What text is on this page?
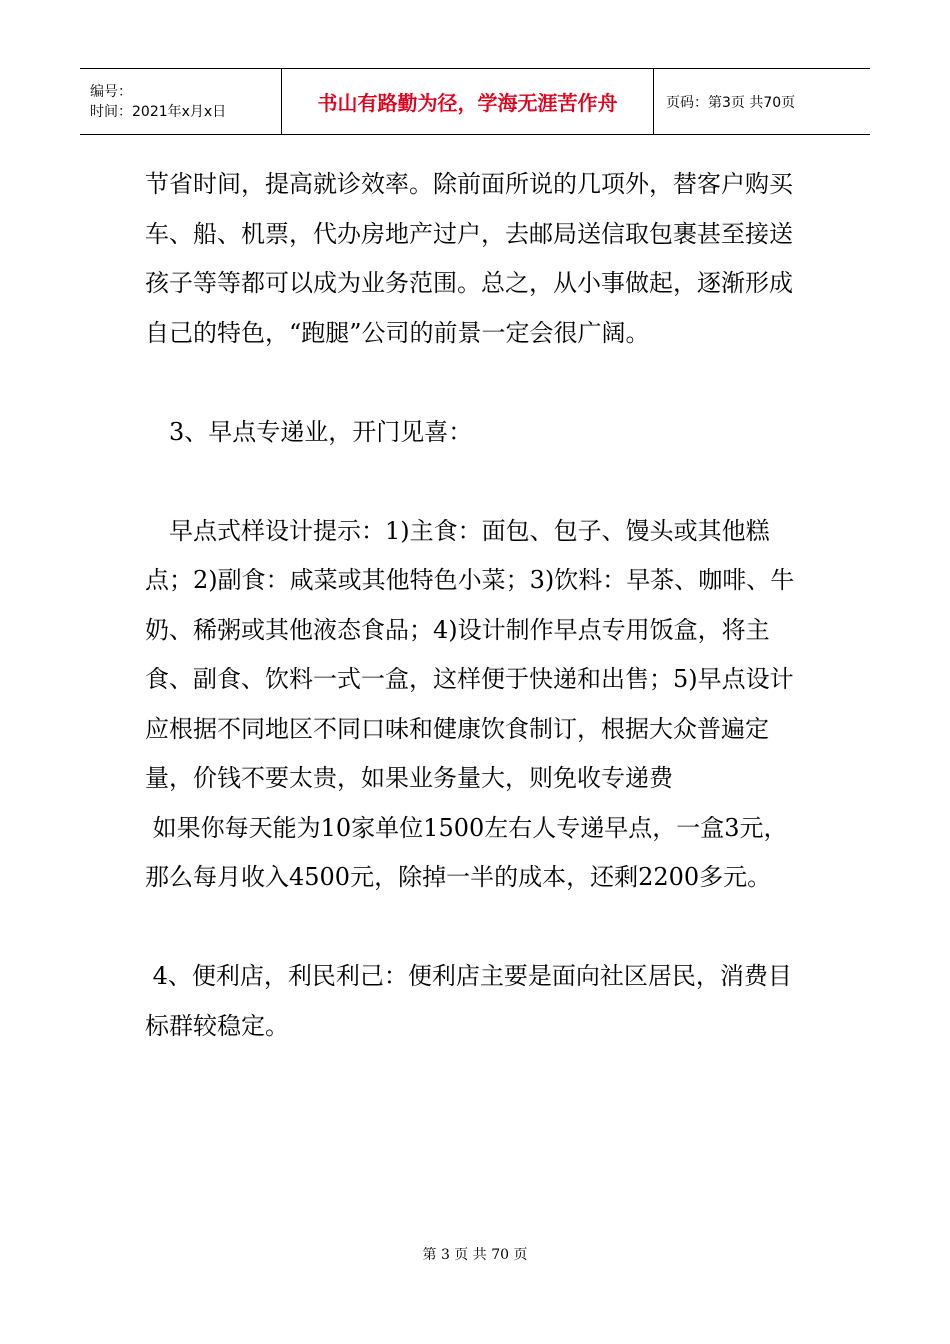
编号：
时间：2021年x月x日	书山有路勤为径，学海无涯苦作舟	页码：第3页 共70页

节省时间，提高就诊效率。除前面所说的几项外，替客户购买车、船、机票，代办房地产过户，去邮局送信取包裹甚至接送孩子等等都可以成为业务范围。总之，从小事做起，逐渐形成自己的特色，“跑腿”公司的前景一定会很广阔。

　3、早点专递业，开门见喜：

　早点式样设计提示：1)主食：面包、包子、馒头或其他糕点；2)副食：咸菜或其他特色小菜；3)饮料：早茶、咖啡、牛奶、稀粥或其他液态食品；4)设计制作早点专用饭盒，将主食、副食、饮料一式一盒，这样便于快递和出售；5)早点设计应根据不同地区不同口味和健康饮食制订，根据大众普遍定量，价钱不要太贵，如果业务量大，则免收专递费

如果你每天能为10家单位1500左右人专递早点，一盒3元，那么每月收入4500元，除掉一半的成本，还剩2200多元。

4、便利店，利民利己：便利店主要是面向社区居民，消费目标群较稳定。

第 3 页 共 70 页
